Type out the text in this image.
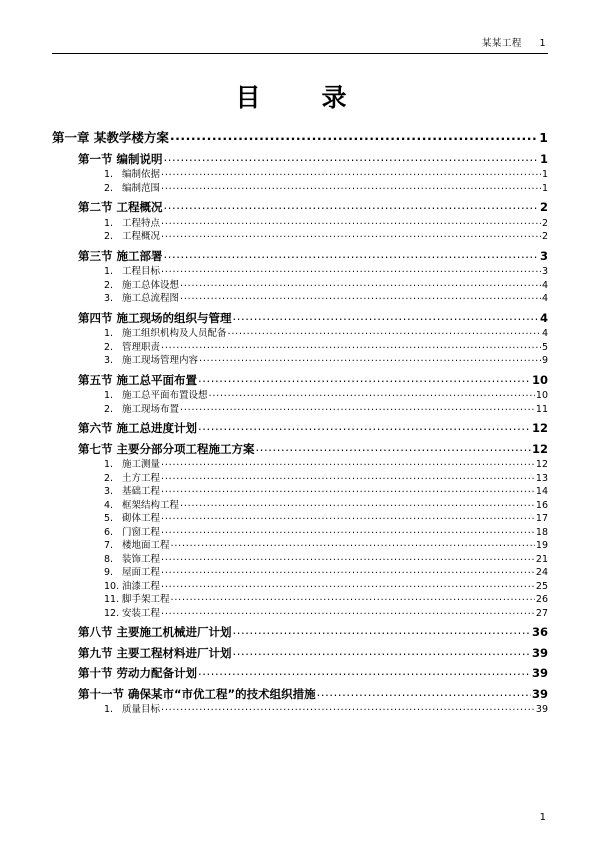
某某工程 1
目　录
第一章 某教学楼方案 .....	1
第一节 编制说明 .....	1
1. 编制依据 .....	1
2. 编制范围 .....	1
第二节 工程概况 .....	2
1. 工程特点 .....	2
2. 工程概况 .....	2
第三节 施工部署 .....	3
1. 工程目标 .....	3
2. 施工总体设想 .....	4
3. 施工总流程图 .....	4
第四节 施工现场的组织与管理 .....	4
1. 施工组织机构及人员配备 .....	4
2. 管理职责 .....	5
3. 施工现场管理内容 .....	9
第五节 施工总平面布置 .....	10
1. 施工总平面布置设想 .....	10
2. 施工现场布置 .....	11
第六节 施工总进度计划 .....	12
第七节 主要分部分项工程施工方案 .....	12
1. 施工测量 .....	12
2. 土方工程 .....	13
3. 基础工程 .....	14
4. 框架结构工程 .....	16
5. 砌体工程 .....	17
6. 门窗工程 .....	18
7. 楼地面工程 .....	19
8. 装饰工程 .....	21
9. 屋面工程 .....	24
10. 油漆工程 .....	25
11. 脚手架工程 .....	26
12. 安装工程 .....	27
第八节 主要施工机械进厂计划 .....	36
第九节 主要工程材料进厂计划 .....	39
第十节 劳动力配备计划 .....	39
第十一节 确保某市“市优工程”的技术组织措施 .....	39
1. 质量目标 .....	39
1
